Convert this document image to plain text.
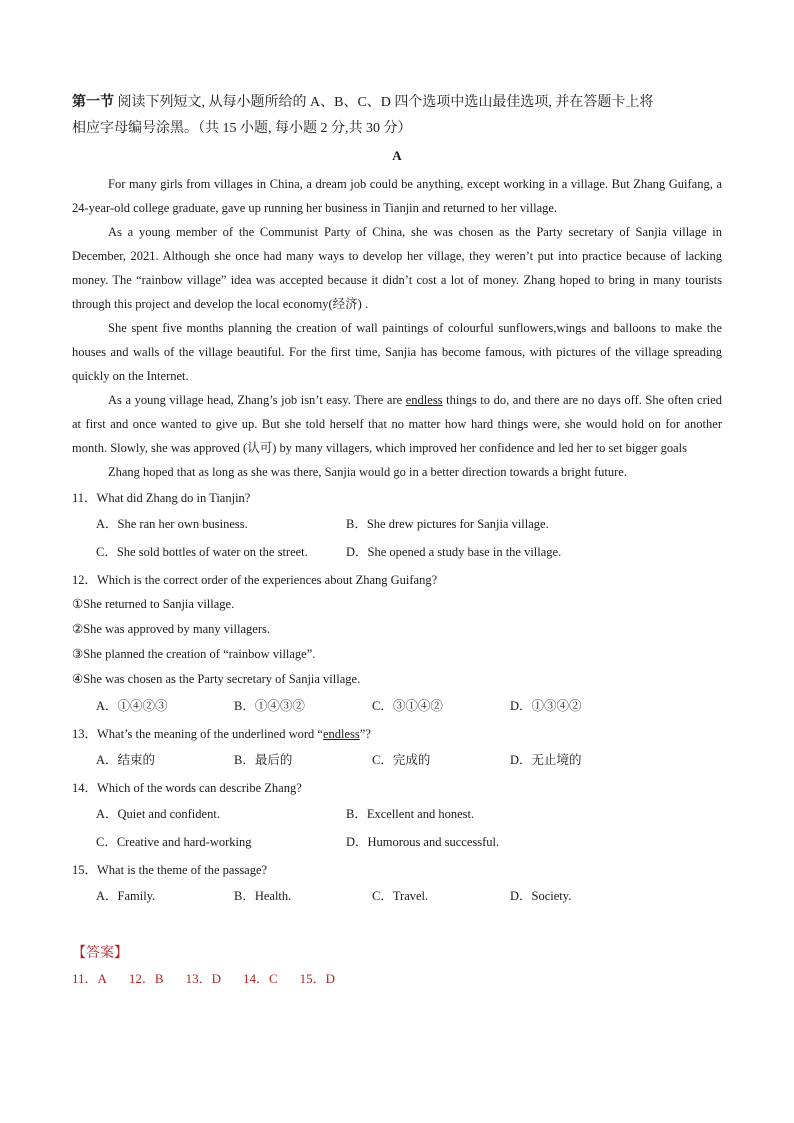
第一节 阅读下列短文, 从每小题所给的 A、B、C、D 四个选项中选山最佳选项, 并在答题卡上将
相应字母编号涂黑。（共 15 小题, 每小题 2 分,共 30 分）

A

For many girls from villages in China, a dream job could be anything, except working in a village. But Zhang Guifang, a 24-year-old college graduate, gave up running her business in Tianjin and returned to her village.

As a young member of the Communist Party of China, she was chosen as the Party secretary of Sanjia village in December, 2021. Although she once had many ways to develop her village, they weren’t put into practice because of lacking money. The “rainbow village” idea was accepted because it didn’t cost a lot of money. Zhang hoped to bring in many tourists through this project and develop the local economy(经济) .

She spent five months planning the creation of wall paintings of colourful sunflowers,wings and balloons to make the houses and walls of the village beautiful. For the first time, Sanjia has become famous, with pictures of the village spreading quickly on the Internet.

As a young village head, Zhang’s job isn’t easy. There are endless things to do, and there are no days off. She often cried at first and once wanted to give up. But she told herself that no matter how hard things were, she would hold on for another month. Slowly, she was approved (认可) by many villagers, which improved her confidence and led her to set bigger goals

Zhang hoped that as long as she was there, Sanjia would go in a better direction towards a bright future.

11．What did Zhang do in Tianjin?

A．She ran her own business.	B．She drew pictures for Sanjia village.
C．She sold bottles of water on the street.	D．She opened a study base in the village.

12．Which is the correct order of the experiences about Zhang Guifang?

①She returned to Sanjia village.

②She was approved by many villagers.

③She planned the creation of “rainbow village”.

④She was chosen as the Party secretary of Sanjia village.

A．①④②③	B．①④③②	C．③①④②	D．①③④②

13．What’s the meaning of the underlined word “endless”?

A．结束的	B．最后的	C．完成的	D．无止境的

14．Which of the words can describe Zhang?

A．Quiet and confident.	B．Excellent and honest.
C．Creative and hard-working	D．Humorous and successful.

15．What is the theme of the passage?

A．Family.	B．Health.	C．Travel.	D．Society.
【答案】
11．A 12．B 13．D 14．C 15．D
